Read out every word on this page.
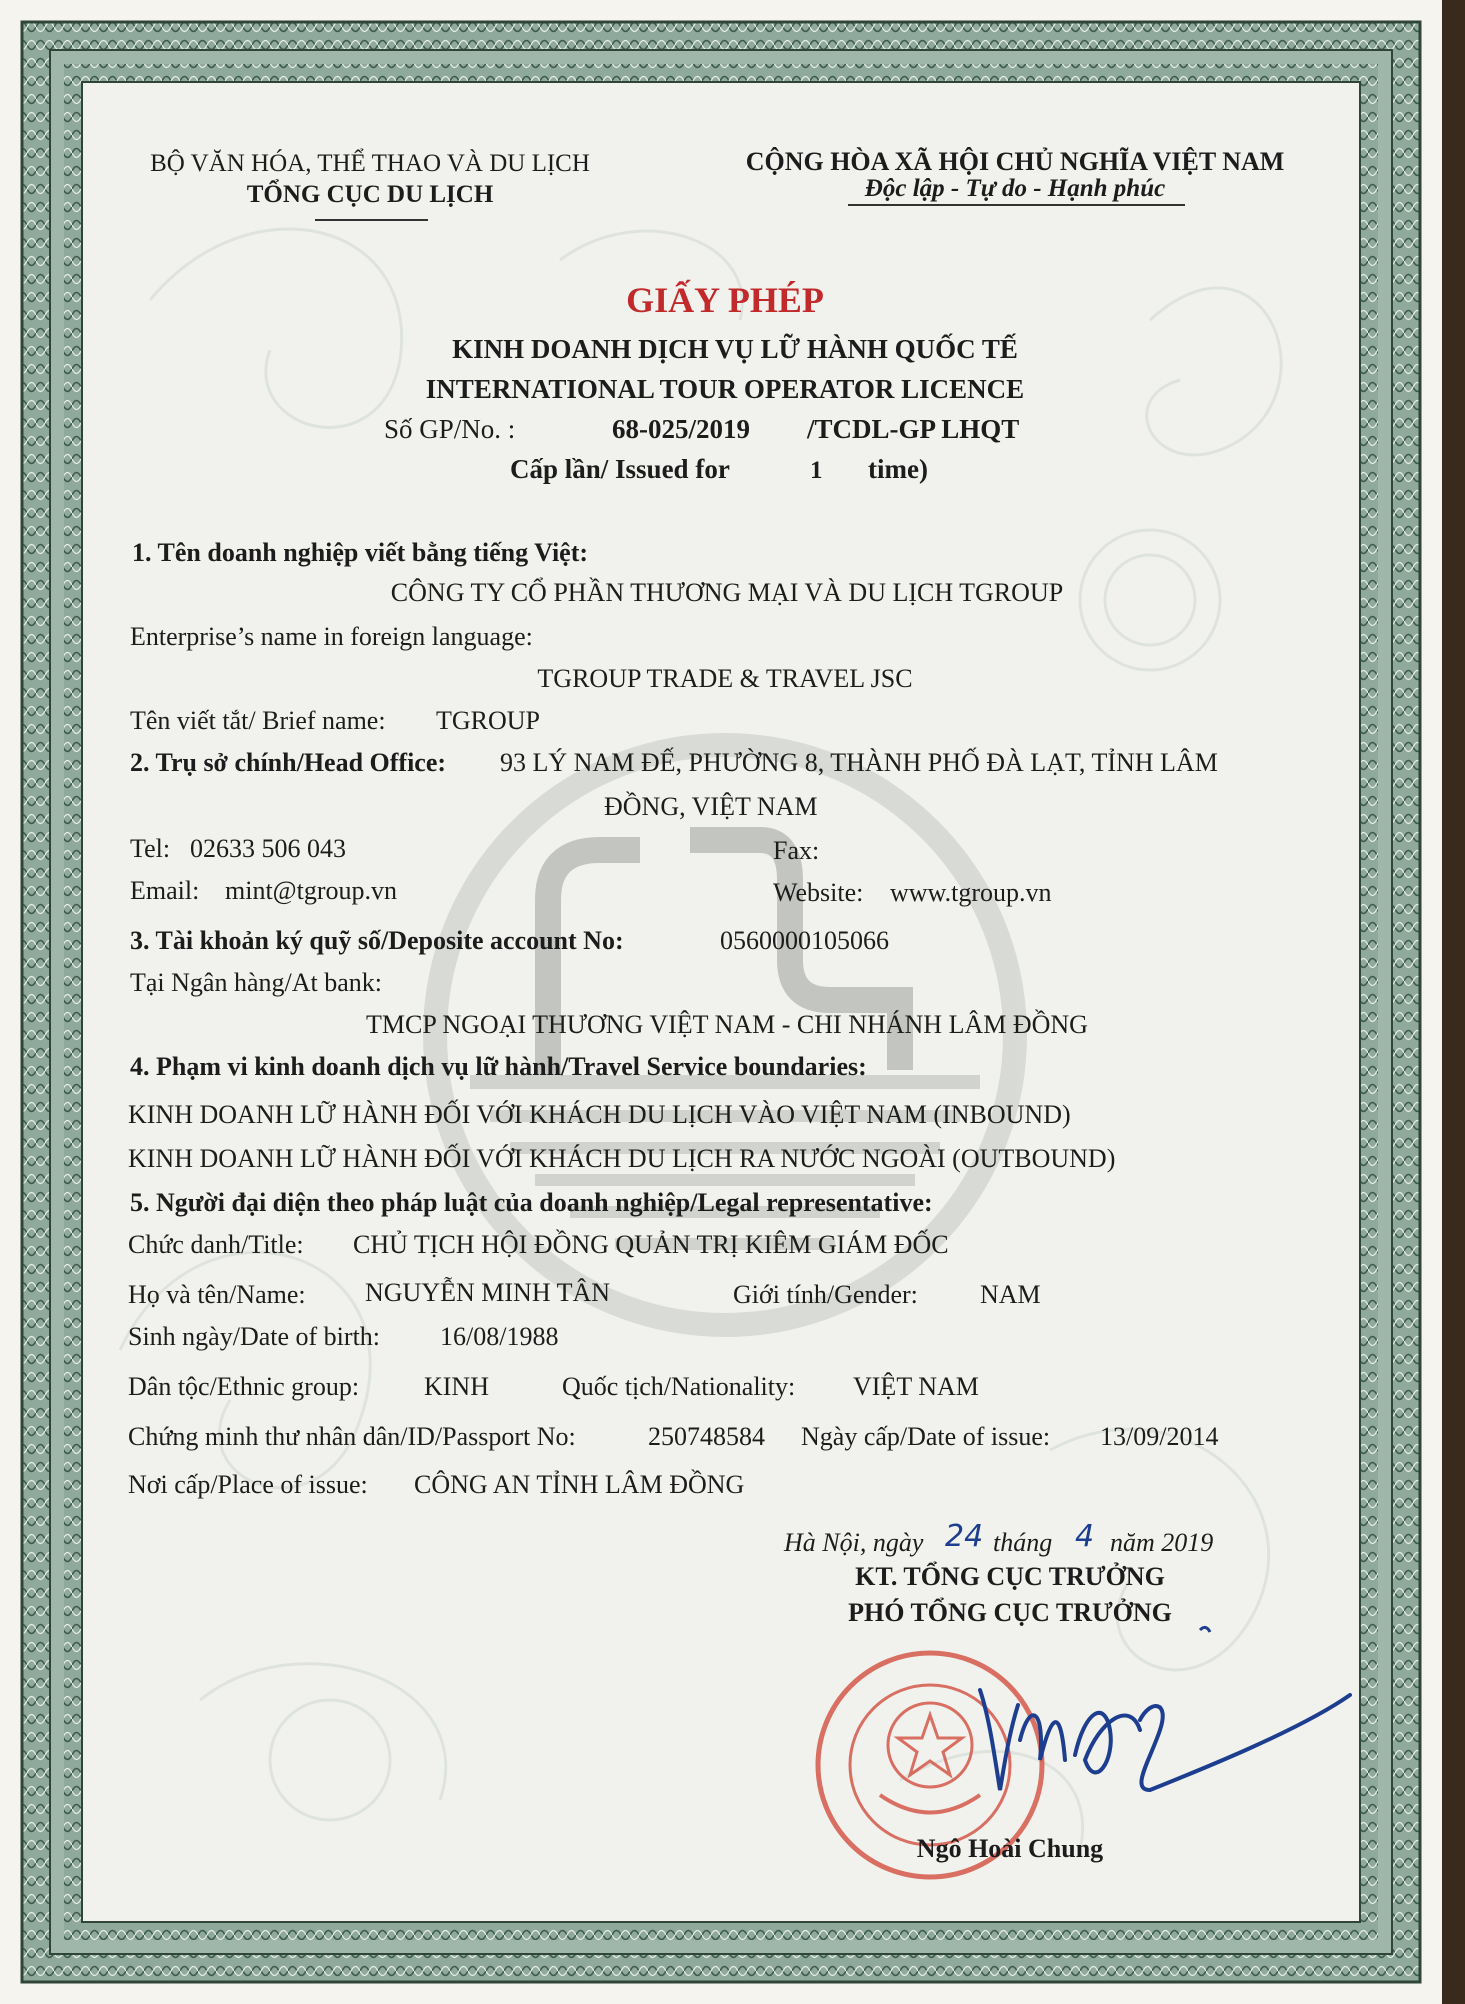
BỘ VĂN HÓA, THỂ THAO VÀ DU LỊCH
TỔNG CỤC DU LỊCH
CỘNG HÒA XÃ HỘI CHỦ NGHĨA VIỆT NAM
Độc lập - Tự do - Hạnh phúc
GIẤY PHÉP
KINH DOANH DỊCH VỤ LỮ HÀNH QUỐC TẾ
INTERNATIONAL TOUR OPERATOR LICENCE
Số GP/No. :	68-025/2019 /TCDL-GP LHQT
Cấp lần/ Issued for	1 time)
1. Tên doanh nghiệp viết bằng tiếng Việt:
CÔNG TY CỔ PHẦN THƯƠNG MẠI VÀ DU LỊCH TGROUP
Enterprise’s name in foreign language:
TGROUP TRADE & TRAVEL JSC
Tên viết tắt/ Brief name: TGROUP
2. Trụ sở chính/Head Office: 93 LÝ NAM ĐẾ, PHƯỜNG 8, THÀNH PHỐ ĐÀ LẠT, TỈNH LÂM
ĐỒNG, VIỆT NAM
Tel: 02633 506 043	Fax:
Email: mint@tgroup.vn	Website: www.tgroup.vn
3. Tài khoản ký quỹ số/Deposite account No:	0560000105066
Tại Ngân hàng/At bank:
TMCP NGOẠI THƯƠNG VIỆT NAM - CHI NHÁNH LÂM ĐỒNG
4. Phạm vi kinh doanh dịch vụ lữ hành/Travel Service boundaries:
KINH DOANH LỮ HÀNH ĐỐI VỚI KHÁCH DU LỊCH VÀO VIỆT NAM (INBOUND)
KINH DOANH LỮ HÀNH ĐỐI VỚI KHÁCH DU LỊCH RA NƯỚC NGOÀI (OUTBOUND)
5. Người đại diện theo pháp luật của doanh nghiệp/Legal representative:
Chức danh/Title: CHỦ TỊCH HỘI ĐỒNG QUẢN TRỊ KIÊM GIÁM ĐỐC
Họ và tên/Name: NGUYỄN MINH TÂN	Giới tính/Gender: NAM
Sinh ngày/Date of birth: 16/08/1988
Dân tộc/Ethnic group: KINH	Quốc tịch/Nationality: VIỆT NAM
Chứng minh thư nhân dân/ID/Passport No:	250748584 Ngày cấp/Date of issue: 13/09/2014
Nơi cấp/Place of issue: CÔNG AN TỈNH LÂM ĐỒNG
Hà Nội, ngày 24 tháng 4 năm 2019
KT. TỔNG CỤC TRƯỞNG
PHÓ TỔNG CỤC TRƯỞNG
Ngô Hoài Chung
